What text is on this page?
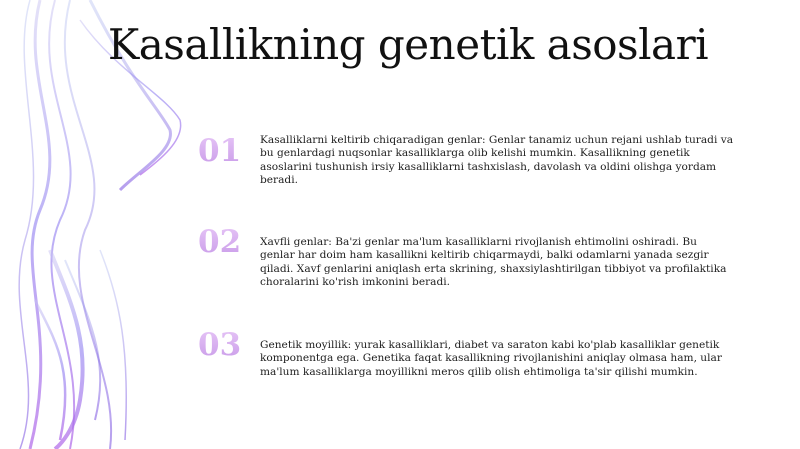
Kasallikning genetik asoslari
01 Kasalliklarni keltirib chiqaradigan genlar: Genlar tanamiz uchun rejani ushlab turadi va bu genlardagi nuqsonlar kasalliklarga olib kelishi mumkin. Kasallikning genetik asoslarini tushunish irsiy kasalliklarni tashxislash, davolash va oldini olishga yordam beradi.
02 Xavfli genlar: Ba'zi genlar ma'lum kasalliklarni rivojlanish ehtimolini oshiradi. Bu genlar har doim ham kasallikni keltirib chiqarmaydi, balki odamlarni yanada sezgir qiladi. Xavf genlarini aniqlash erta skrining, shaxsiylashtirilgan tibbiyot va profilaktika choralarini ko'rish imkonini beradi.
03 Genetik moyillik: yurak kasalliklari, diabet va saraton kabi ko'plab kasalliklar genetik komponentga ega. Genetika faqat kasallikning rivojlanishini aniqlay olmasa ham, ular ma'lum kasalliklarga moyillikni meros qilib olish ehtimoliga ta'sir qilishi mumkin.
